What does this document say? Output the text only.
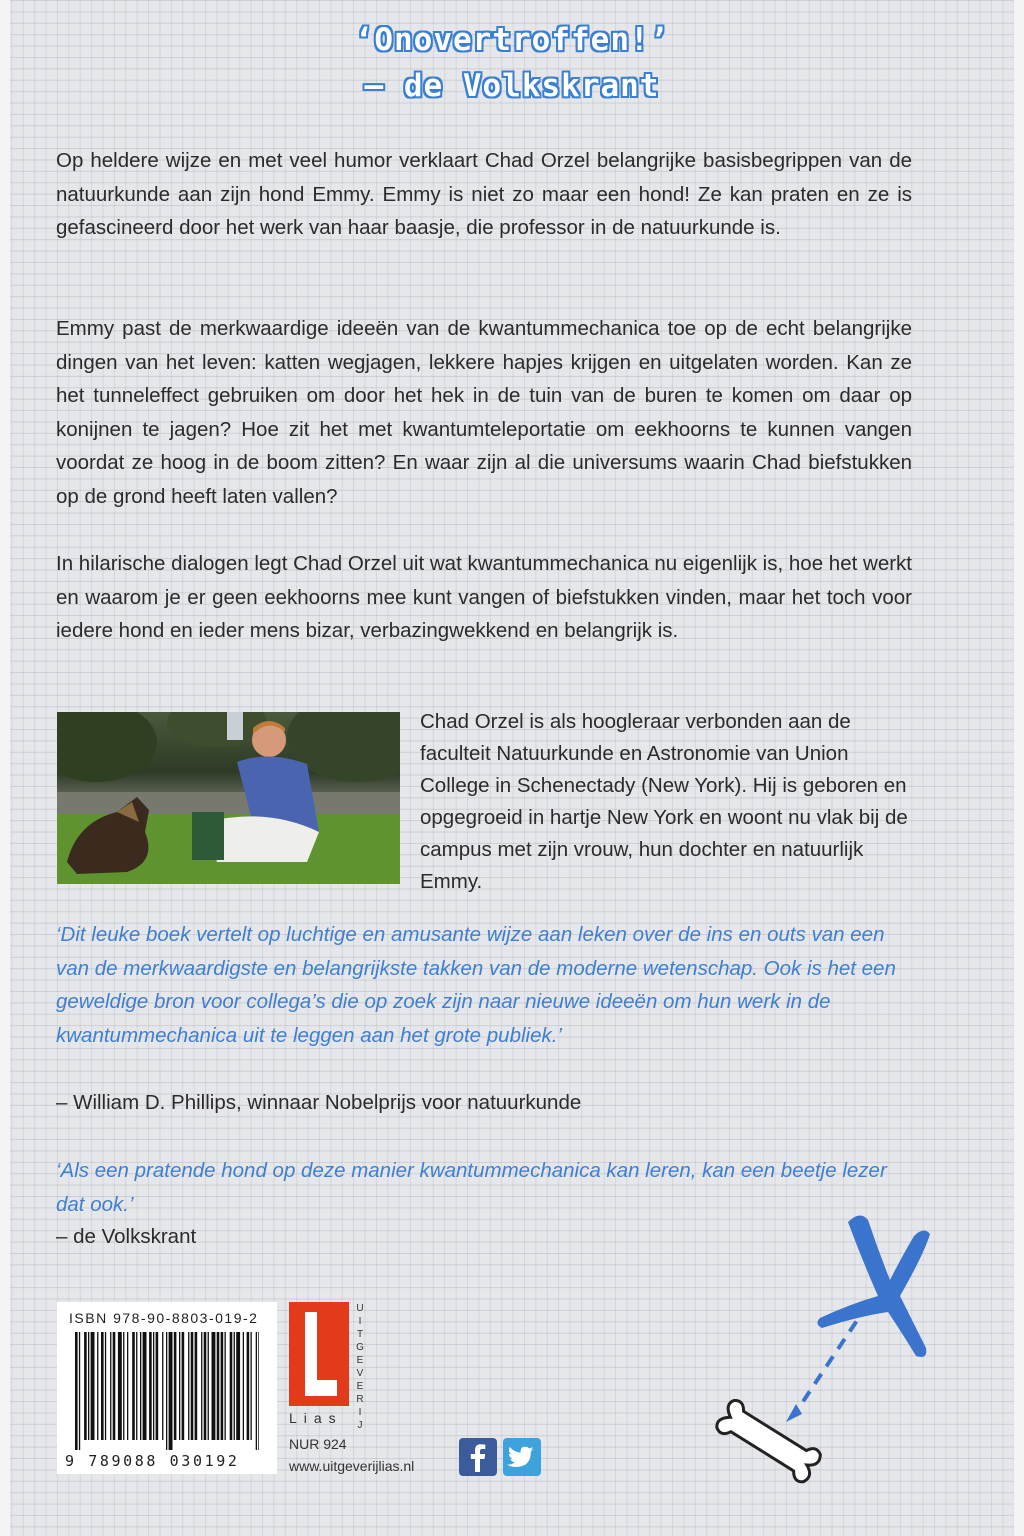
‘Onovertroffen!’
– de Volkskrant

Op heldere wijze en met veel humor verklaart Chad Orzel belangrijke basisbegrippen van de natuurkunde aan zijn hond Emmy. Emmy is niet zo maar een hond! Ze kan praten en ze is gefascineerd door het werk van haar baasje, die professor in de natuurkunde is.

Emmy past de merkwaardige ideeën van de kwantummechanica toe op de echt belangrijke dingen van het leven: katten wegjagen, lekkere hapjes krijgen en uitgelaten worden. Kan ze het tunneleffect gebruiken om door het hek in de tuin van de buren te komen om daar op konijnen te jagen? Hoe zit het met kwantumteleportatie om eekhoorns te kunnen vangen voordat ze hoog in de boom zitten? En waar zijn al die universums waarin Chad biefstukken op de grond heeft laten vallen?

In hilarische dialogen legt Chad Orzel uit wat kwantummechanica nu eigenlijk is, hoe het werkt en waarom je er geen eekhoorns mee kunt vangen of biefstukken vinden, maar het toch voor iedere hond en ieder mens bizar, verbazingwekkend en belangrijk is.

Chad Orzel is als hoogleraar verbonden aan de faculteit Natuurkunde en Astronomie van Union College in Schenectady (New York). Hij is geboren en opgegroeid in hartje New York en woont nu vlak bij de campus met zijn vrouw, hun dochter en natuurlijk Emmy.

‘Dit leuke boek vertelt op luchtige en amusante wijze aan leken over de ins en outs van een van de merkwaardigste en belangrijkste takken van de moderne wetenschap. Ook is het een geweldige bron voor collega’s die op zoek zijn naar nieuwe ideeën om hun werk in de kwantummechanica uit te leggen aan het grote publiek.’

– William D. Phillips, winnaar Nobelprijs voor natuurkunde

‘Als een pratende hond op deze manier kwantummechanica kan leren, kan een beetje lezer dat ook.’

– de Volkskrant

ISBN 978-90-8803-019-2
9 789088 030192
U
I
T
G
E
V
E
R
I
J
Lias
NUR 924
www.uitgeverijlias.nl
